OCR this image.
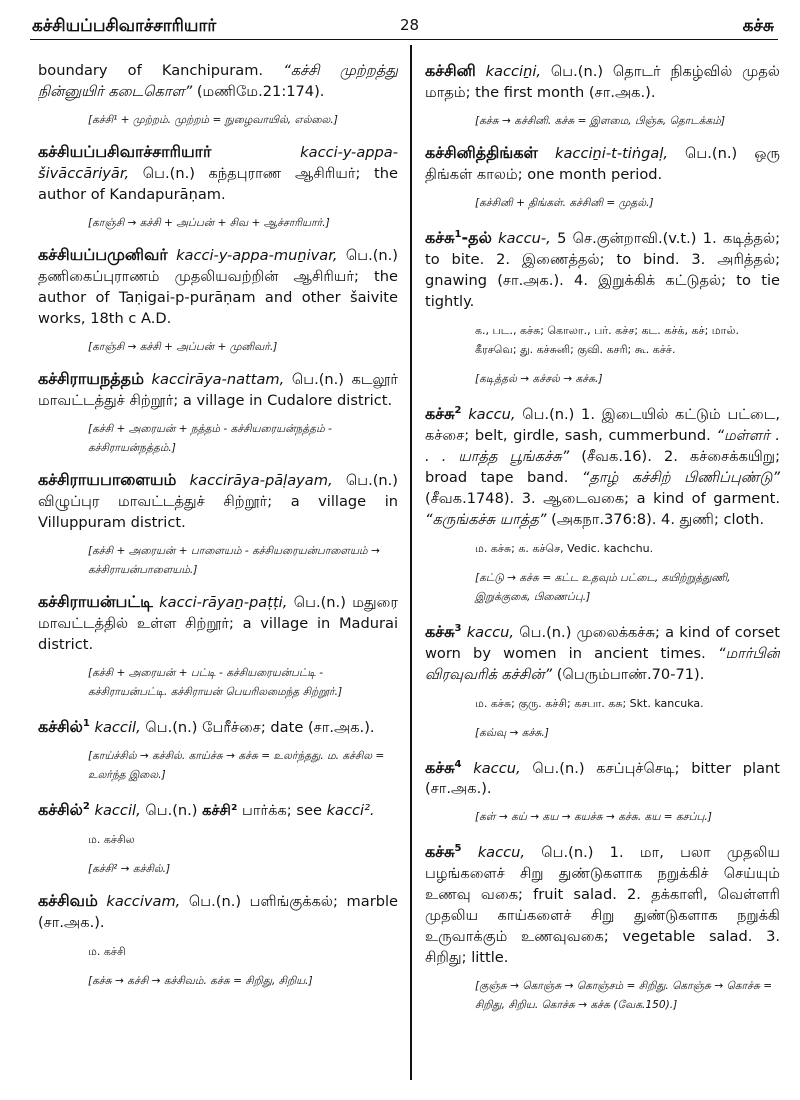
கச்சியப்பசிவாச்சாரியார்	28	கச்சு
boundary of Kanchipuram. “கச்சி முற்றத்து நின்னுயிர் கடைகொள” (மணிமே.21:174).
[கச்சி¹ + முற்றம். முற்றம் = நுழைவாயில், எல்லை.]
கச்சியப்பசிவாச்சாரியார்	kacci-y-appa-šivāccāriyār, பெ.(n.) கந்தபுராண ஆசிரியர்; the author of Kandapurāṇam.
[காஞ்சி → கச்சி + அப்பன் + சிவ + ஆச்சாரியார்.]
கச்சியப்பமுனிவர் kacci-y-appa-muṉivar, பெ.(n.) தணிகைப்புராணம் முதலியவற்றின் ஆசிரியர்; the author of Taṇigai-p-purāṇam and other šaivite works, 18th c A.D.
[காஞ்சி → கச்சி + அப்பன் + முனிவர்.]
கச்சிராயநத்தம் kaccirāya-nattam, பெ.(n.) கடலூர் மாவட்டத்துச் சிற்றூர்; a village in Cudalore district.
[கச்சி + அரையன் + நத்தம் - கச்சியரையன்நத்தம் - கச்சிராயன்நத்தம்.]
கச்சிராயபாளையம் kaccirāya-pāḷayam, பெ.(n.) விழுப்புர மாவட்டத்துச் சிற்றூர்; a village in Villuppuram district.
[கச்சி + அரையன் + பாளையம் - கச்சியரையன்பாளையம் → கச்சிராயன்பாளையம்.]
கச்சிராயன்பட்டி kacci-rāyaṉ-paṭṭi, பெ.(n.) மதுரை மாவட்டத்தில் உள்ள சிற்றூர்; a village in Madurai district.
[கச்சி + அரையன் + பட்டி - கச்சியரையன்பட்டி - கச்சிராயன்பட்டி. கச்சிராயன் பெயரிலமைந்த சிற்றூர்.]
கச்சில்$^1$ kaccil, பெ.(n.) பேரீச்சை; date (சா.அக.).
[காய்ச்சில் → கச்சில். காய்ச்சு → கச்சு = உலர்ந்தது. ம. கச்சில = உலர்ந்த இலை.]
கச்சில்$^2$ kaccil, பெ.(n.) கச்சி² பார்க்க; see kacci².
ம. கச்சில
[கச்சி² → கச்சில்.]
கச்சிவம் kaccivam, பெ.(n.) பளிங்குக்கல்; marble (சா.அக.).
ம. கச்சி
[கச்சு → கச்சி → கச்சிவம். கச்சு = சிறிது, சிறிய.]
கச்சினி kacciṉi, பெ.(n.) தொடர் நிகழ்வில் முதல் மாதம்; the first month (சா.அக.).
[கச்சு → கச்சினி. கச்சு = இளமை, பிஞ்சு, தொடக்கம்]
கச்சினித்திங்கள் kacciṉi-t-tiṅgaḷ, பெ.(n.) ஒரு திங்கள் காலம்; one month period.
[கச்சினி + திங்கள். கச்சினி = முதல்.]
கச்சு$^1$-தல் kaccu-, 5 செ.குன்றாவி.(v.t.) 1. கடித்தல்; to bite. 2. இணைத்தல்; to bind. 3. அரித்தல்; gnawing (சா.அக.). 4. இறுக்கிக் கட்டுதல்; to tie tightly.
க., பட., கச்சு; கொலா., பர். கச்ச; கட. கச்க், கச்; மால். கீரசவெ; து. கச்சுனி; குவி. கசரி; கூ. கச்ச்.
[கடித்தல் → கச்சல் → கச்சு.]
கச்சு$^2$ kaccu, பெ.(n.) 1. இடையில் கட்டும் பட்டை, கச்சை; belt, girdle, sash, cummerbund. “மள்ளர் . . . யாத்த பூங்கச்சு” (சீவக.16). 2. கச்சைக்கயிறு; broad tape band. “தாழ் கச்சிற் பிணிப்புண்டு” (சீவக.1748). 3. ஆடைவகை; a kind of garment. “கருங்கச்சு யாத்த” (அகநா.376:8). 4. துணி; cloth.
ம. கச்சு; க. கச்செ, Vedic. kachchu.
[கட்டு → கச்சு = கட்ட உதவும் பட்டை, கயிற்றுத்துணி, இறுக்குகை, பிணைப்பு.]
கச்சு$^3$ kaccu, பெ.(n.) முலைக்கச்சு; a kind of corset worn by women in ancient times. “மார்பின் விரவுவரிக் கச்சின்” (பெரும்பாண்.70-71).
ம. கச்சு; குரு. கச்சி; கசபா. கசு; Skt. kancuka.
[கவ்வு → கச்சு.]
கச்சு$^4$ kaccu, பெ.(n.) கசப்புச்செடி; bitter plant (சா.அக.).
[கள் → கய் → கய → கயச்சு → கச்சு. கய = கசப்பு.]
கச்சு$^5$ kaccu, பெ.(n.) 1. மா, பலா முதலிய பழங்களைச் சிறு துண்டுகளாக நறுக்கிச் செய்யும் உணவு வகை; fruit salad. 2. தக்காளி, வெள்ளரி முதலிய காய்களைச் சிறு துண்டுகளாக நறுக்கி உருவாக்கும் உணவுவகை; vegetable salad. 3. சிறிது; little.
[குஞ்சு → கொஞ்சு → கொஞ்சம் = சிறிது. கொஞ்சு → கொச்சு = சிறிது, சிறிய. கொச்சு → கச்சு (வேக.150).]
